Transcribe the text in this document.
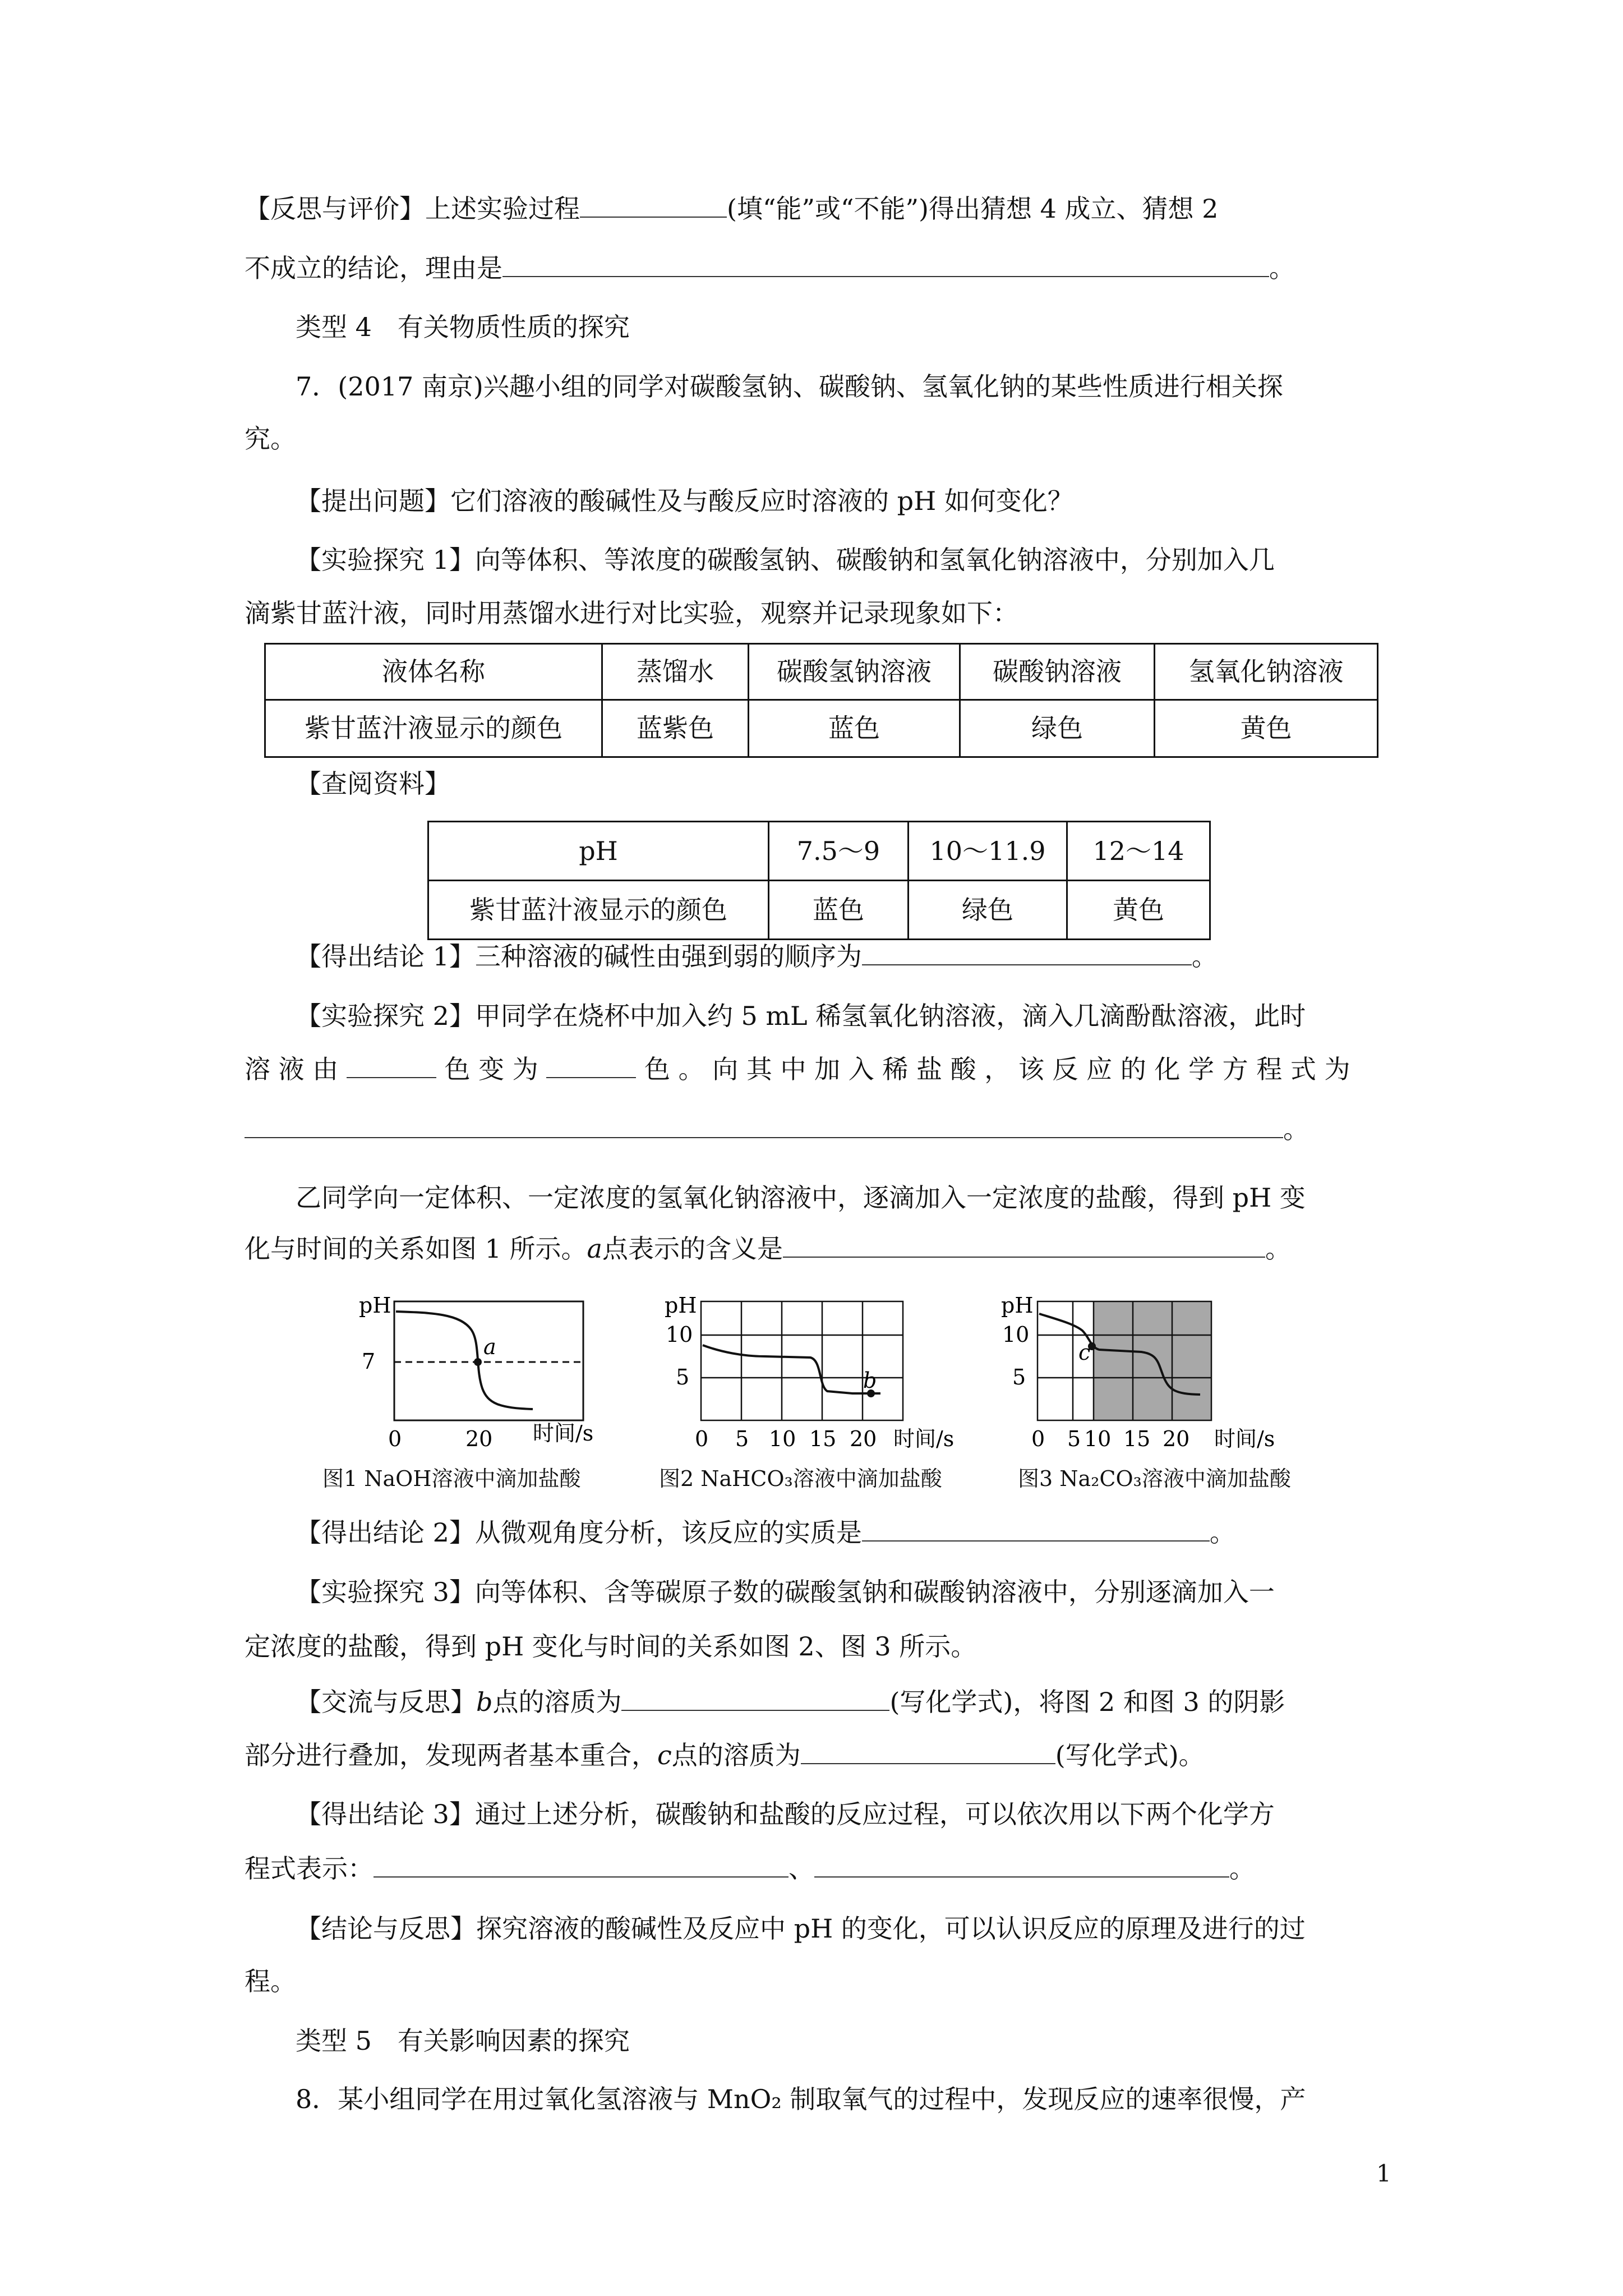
【反思与评价】上述实验过程	(填“能”或“不能”)得出猜想 4 成立、猜想 2
不成立的结论，理由是	。
类型 4　有关物质性质的探究
7．(2017 南京)兴趣小组的同学对碳酸氢钠、碳酸钠、氢氧化钠的某些性质进行相关探
究。
【提出问题】它们溶液的酸碱性及与酸反应时溶液的 pH 如何变化？
【实验探究 1】向等体积、等浓度的碳酸氢钠、碳酸钠和氢氧化钠溶液中，分别加入几
滴紫甘蓝汁液，同时用蒸馏水进行对比实验，观察并记录现象如下：
液体名称	蒸馏水	碳酸氢钠溶液	碳酸钠溶液	氢氧化钠溶液
紫甘蓝汁液显示的颜色	蓝紫色	蓝色	绿色	黄色
【查阅资料】
pH	7.5～9	10～11.9	12～14
紫甘蓝汁液显示的颜色	蓝色	绿色	黄色
【得出结论 1】三种溶液的碱性由强到弱的顺序为	。
【实验探究 2】甲同学在烧杯中加入约 5 mL 稀氢氧化钠溶液，滴入几滴酚酞溶液，此时
溶 液 由	色 变 为	色 。 向 其 中 加 入 稀 盐 酸 ， 该 反 应 的 化 学 方 程 式 为
。
乙同学向一定体积、一定浓度的氢氧化钠溶液中，逐滴加入一定浓度的盐酸，得到 pH 变
化与时间的关系如图 1 所示。a点表示的含义是	。
pH
7
a
时间/s
0	20
图1 NaOH溶液中滴加盐酸
pH
10
5	b
0 5 10 15 20 时间/s
图2 NaHCO₃溶液中滴加盐酸
pH
10
5
c
0 5 10 15 20 时间/s
图3 Na₂CO₃溶液中滴加盐酸
【得出结论 2】从微观角度分析，该反应的实质是	。
【实验探究 3】向等体积、含等碳原子数的碳酸氢钠和碳酸钠溶液中，分别逐滴加入一
定浓度的盐酸，得到 pH 变化与时间的关系如图 2、图 3 所示。
【交流与反思】b点的溶质为	(写化学式)，将图 2 和图 3 的阴影
部分进行叠加，发现两者基本重合，c点的溶质为	(写化学式)。
【得出结论 3】通过上述分析，碳酸钠和盐酸的反应过程，可以依次用以下两个化学方
程式表示：	、	。
【结论与反思】探究溶液的酸碱性及反应中 pH 的变化，可以认识反应的原理及进行的过
程。
类型 5　有关影响因素的探究
8．某小组同学在用过氧化氢溶液与 MnO₂ 制取氧气的过程中，发现反应的速率很慢，产
1
